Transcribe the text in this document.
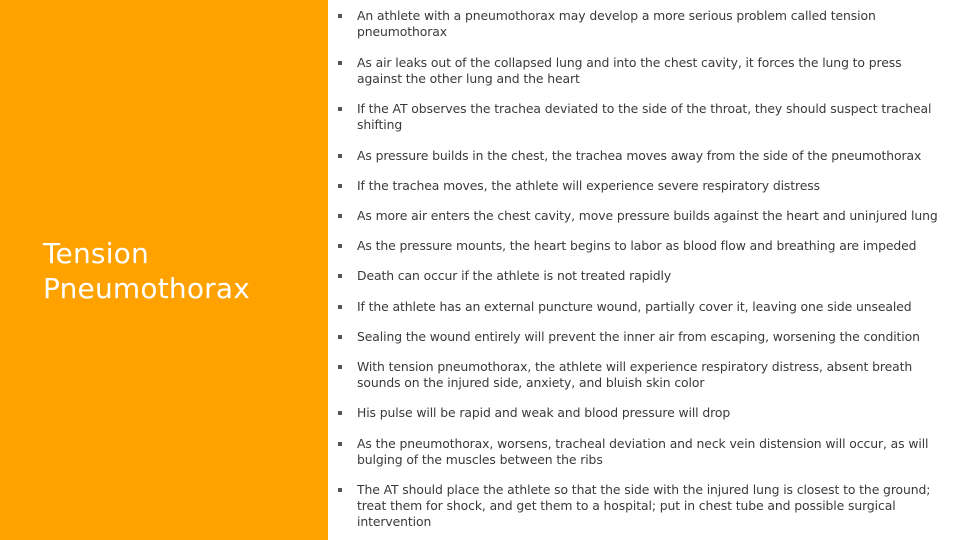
Tension Pneumothorax
An athlete with a pneumothorax may develop a more serious problem called tension pneumothorax
As air leaks out of the collapsed lung and into the chest cavity, it forces the lung to press against the other lung and the heart
If the AT observes the trachea deviated to the side of the throat, they should suspect tracheal shifting
As pressure builds in the chest, the trachea moves away from the side of the pneumothorax
If the trachea moves, the athlete will experience severe respiratory distress
As more air enters the chest cavity, move pressure builds against the heart and uninjured lung
As the pressure mounts, the heart begins to labor as blood flow and breathing are impeded
Death can occur if the athlete is not treated rapidly
If the athlete has an external puncture wound, partially cover it, leaving one side unsealed
Sealing the wound entirely will prevent the inner air from escaping, worsening the condition
With tension pneumothorax, the athlete will experience respiratory distress, absent breath sounds on the injured side, anxiety, and bluish skin color
His pulse will be rapid and weak and blood pressure will drop
As the pneumothorax, worsens, tracheal deviation and neck vein distension will occur, as will bulging of the muscles between the ribs
The AT should place the athlete so that the side with the injured lung is closest to the ground; treat them for shock, and get them to a hospital; put in chest tube and possible surgical intervention
